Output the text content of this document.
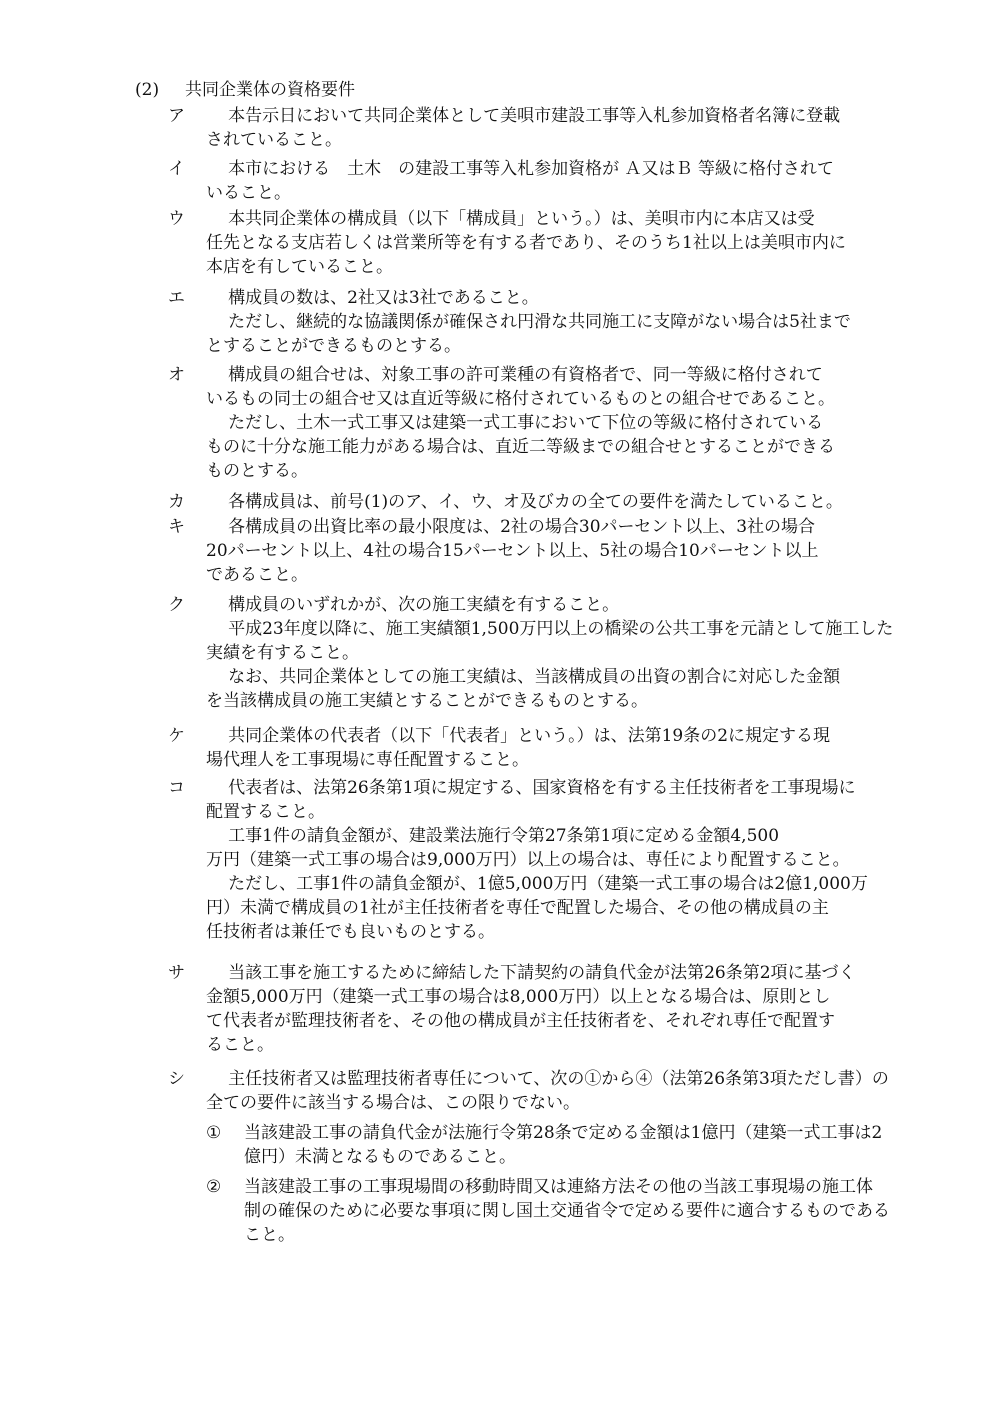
(2) 共同企業体の資格要件
ア	本告示日において共同企業体として美唄市建設工事等入札参加資格者名簿に登載
されていること。

イ	本市における　土木　の建設工事等入札参加資格が Ａ又はＢ 等級に格付されて
いること。

ウ	本共同企業体の構成員（以下「構成員」という。）は、美唄市内に本店又は受
任先となる支店若しくは営業所等を有する者であり、そのうち1社以上は美唄市内に
本店を有していること。

エ	構成員の数は、2社又は3社であること。

ただし、継続的な協議関係が確保され円滑な共同施工に支障がない場合は5社まで
とすることができるものとする。

オ	構成員の組合せは、対象工事の許可業種の有資格者で、同一等級に格付されて
いるもの同士の組合せ又は直近等級に格付されているものとの組合せであること。

ただし、土木一式工事又は建築一式工事において下位の等級に格付されている
ものに十分な施工能力がある場合は、直近二等級までの組合せとすることができる
ものとする。

カ	各構成員は、前号(1)のア、イ、ウ、オ及びカの全ての要件を満たしていること。

キ	各構成員の出資比率の最小限度は、2社の場合30パーセント以上、3社の場合
20パーセント以上、4社の場合15パーセント以上、5社の場合10パーセント以上
であること。

ク	構成員のいずれかが、次の施工実績を有すること。

平成23年度以降に、施工実績額1,500万円以上の橋梁の公共工事を元請として施工した
実績を有すること。

なお、共同企業体としての施工実績は、当該構成員の出資の割合に対応した金額
を当該構成員の施工実績とすることができるものとする。

ケ	共同企業体の代表者（以下「代表者」という。）は、法第19条の2に規定する現
場代理人を工事現場に専任配置すること。

コ	代表者は、法第26条第1項に規定する、国家資格を有する主任技術者を工事現場に
配置すること。

工事1件の請負金額が、建設業法施行令第27条第1項に定める金額4,500
万円（建築一式工事の場合は9,000万円）以上の場合は、専任により配置すること。

ただし、工事1件の請負金額が、1億5,000万円（建築一式工事の場合は2億1,000万
円）未満で構成員の1社が主任技術者を専任で配置した場合、その他の構成員の主
任技術者は兼任でも良いものとする。

サ	当該工事を施工するために締結した下請契約の請負代金が法第26条第2項に基づく
金額5,000万円（建築一式工事の場合は8,000万円）以上となる場合は、原則とし
て代表者が監理技術者を、その他の構成員が主任技術者を、それぞれ専任で配置す
ること。

シ	主任技術者又は監理技術者専任について、次の①から④（法第26条第3項ただし書）の
全ての要件に該当する場合は、この限りでない。

① 当該建設工事の請負代金が法施行令第28条で定める金額は1億円（建築一式工事は2
億円）未満となるものであること。

② 当該建設工事の工事現場間の移動時間又は連絡方法その他の当該工事現場の施工体
制の確保のために必要な事項に関し国土交通省令で定める要件に適合するものである
こと。
